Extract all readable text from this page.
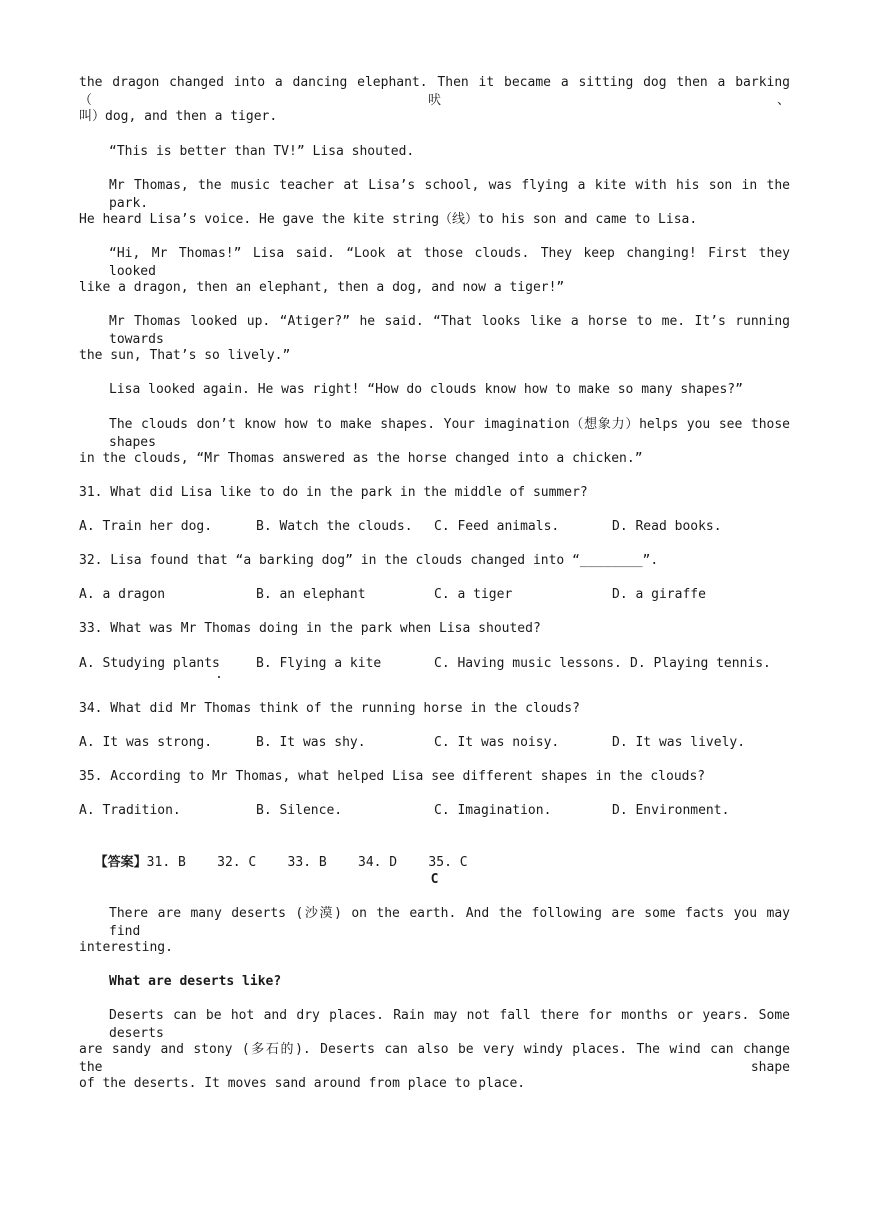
the dragon changed into a dancing elephant. Then it became a sitting dog then a barking（吠、
叫）dog, and then a tiger.
“This is better than TV!” Lisa shouted.
Mr Thomas, the music teacher at Lisa’s school, was flying a kite with his son in the park.
He heard Lisa’s voice. He gave the kite string（线）to his son and came to Lisa.
“Hi, Mr Thomas!” Lisa said. “Look at those clouds. They keep changing! First they looked
like a dragon, then an elephant, then a dog, and now a tiger!”
Mr Thomas looked up. “Atiger?” he said. “That looks like a horse to me. It’s running towards
the sun, That’s so lively.”
Lisa looked again. He was right! “How do clouds know how to make so many shapes?”
The clouds don’t know how to make shapes. Your imagination（想象力）helps you see those shapes
in the clouds, “Mr Thomas answered as the horse changed into a chicken.”
31. What did Lisa like to do in the park in the middle of summer?
A. Train her dog.	B. Watch the clouds. C. Feed animals.	D. Read books.
32. Lisa found that “a barking dog” in the clouds changed into “________”.
A. a dragon	B. an elephant	C. a tiger	D. a giraffe
33. What was Mr Thomas doing in the park when Lisa shouted?
A. Studying plants	B. Flying a kite	C. Having music lessons. D. Playing tennis.
34. What did Mr Thomas think of the running horse in the clouds?
A. It was strong.	B. It was shy.	C. It was noisy.	D. It was lively.
35. According to Mr Thomas, what helped Lisa see different shapes in the clouds?
A. Tradition.	B. Silence.	C. Imagination.	D. Environment.

【答案】31. B    32. C    33. B    34. D    35. C

C
There are many deserts (沙漠) on the earth. And the following are some facts you may find
interesting.
What are deserts like?
Deserts can be hot and dry places. Rain may not fall there for months or years. Some deserts
are sandy and stony (多石的). Deserts can also be very windy places. The wind can change the shape
of the deserts. It moves sand around from place to place.
